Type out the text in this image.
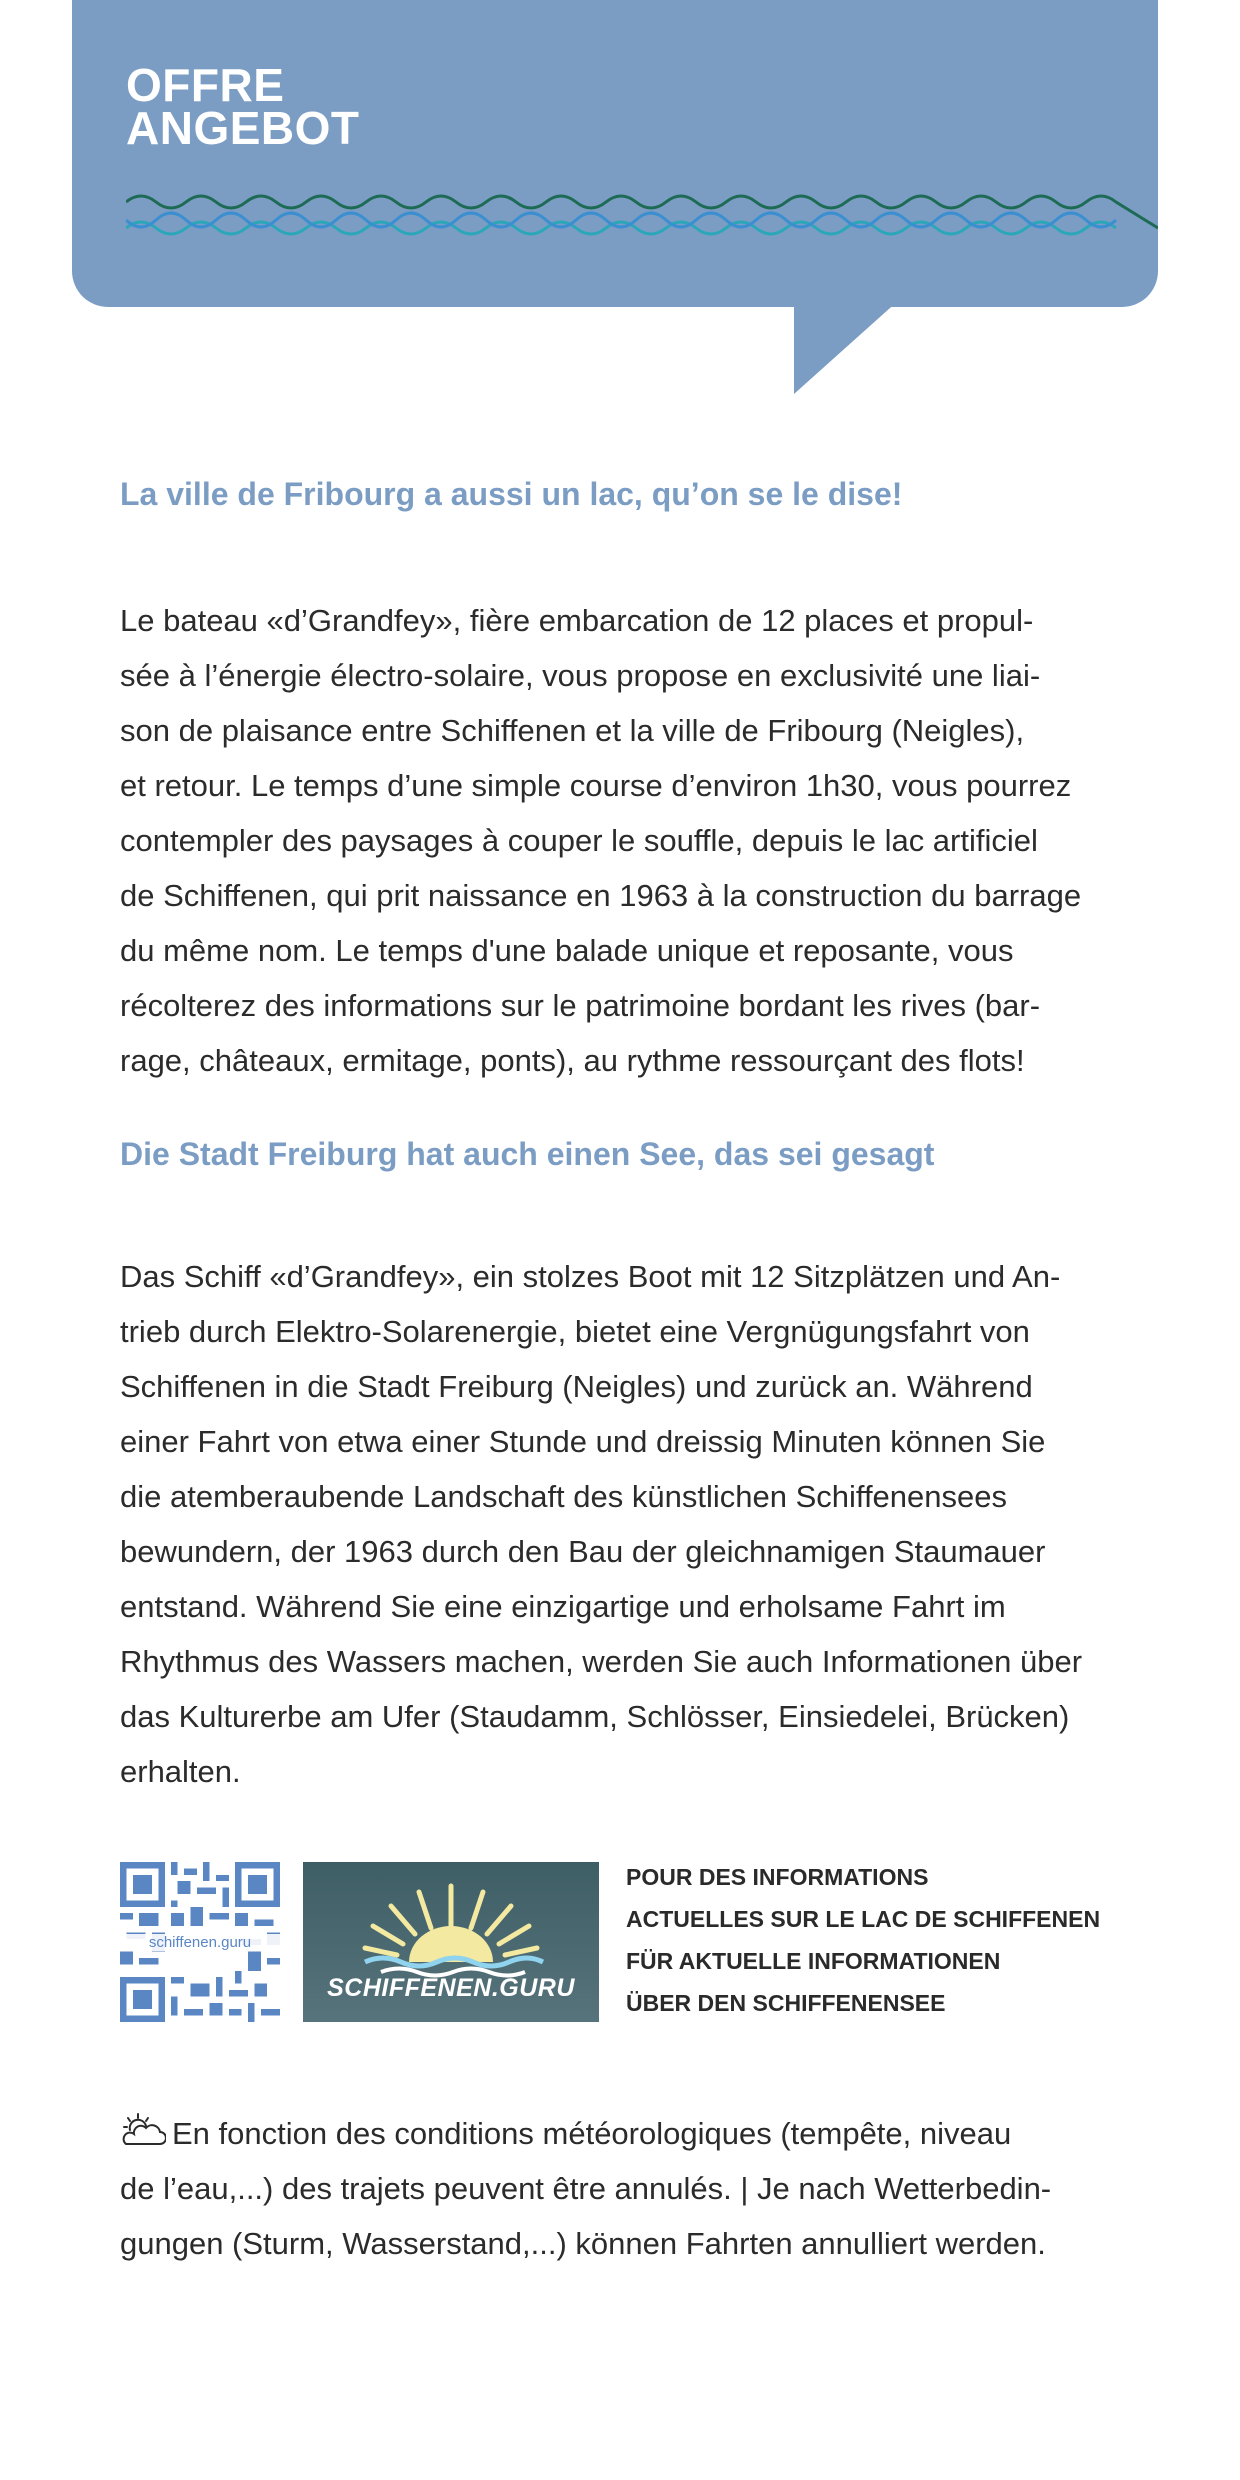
OFFRE
ANGEBOT
La ville de Fribourg a aussi un lac, qu’on se le dise!
Le bateau «d’Grandfey», fière embarcation de 12 places et propul-
sée à l’énergie électro-solaire, vous propose en exclusivité une liai-
son de plaisance entre Schiffenen et la ville de Fribourg (Neigles),
et retour. Le temps d’une simple course d’environ 1h30, vous pourrez
contempler des paysages à couper le souffle, depuis le lac artificiel
de Schiffenen, qui prit naissance en 1963 à la construction du barrage
du même nom. Le temps d'une balade unique et reposante, vous
récolterez des informations sur le patrimoine bordant les rives (bar-
rage, châteaux, ermitage, ponts), au rythme ressourçant des flots!
Die Stadt Freiburg hat auch einen See, das sei gesagt
Das Schiff «d’Grandfey», ein stolzes Boot mit 12 Sitzplätzen und An-
trieb durch Elektro-Solarenergie, bietet eine Vergnügungsfahrt von
Schiffenen in die Stadt Freiburg (Neigles) und zurück an. Während
einer Fahrt von etwa einer Stunde und dreissig Minuten können Sie
die atemberaubende Landschaft des künstlichen Schiffenensees
bewundern, der 1963 durch den Bau der gleichnamigen Staumauer
entstand. Während Sie eine einzigartige und erholsame Fahrt im
Rhythmus des Wassers machen, werden Sie auch Informationen über
das Kulturerbe am Ufer (Staudamm, Schlösser, Einsiedelei, Brücken)
erhalten.
schiffenen.guru
SCHIFFENEN.GURU
POUR DES INFORMATIONS
ACTUELLES SUR LE LAC DE SCHIFFENEN
FÜR AKTUELLE INFORMATIONEN
ÜBER DEN SCHIFFENENSEE
En fonction des conditions météorologiques (tempête, niveau
de l’eau,...) des trajets peuvent être annulés. | Je nach Wetterbedin-
gungen (Sturm, Wasserstand,...) können Fahrten annulliert werden.
